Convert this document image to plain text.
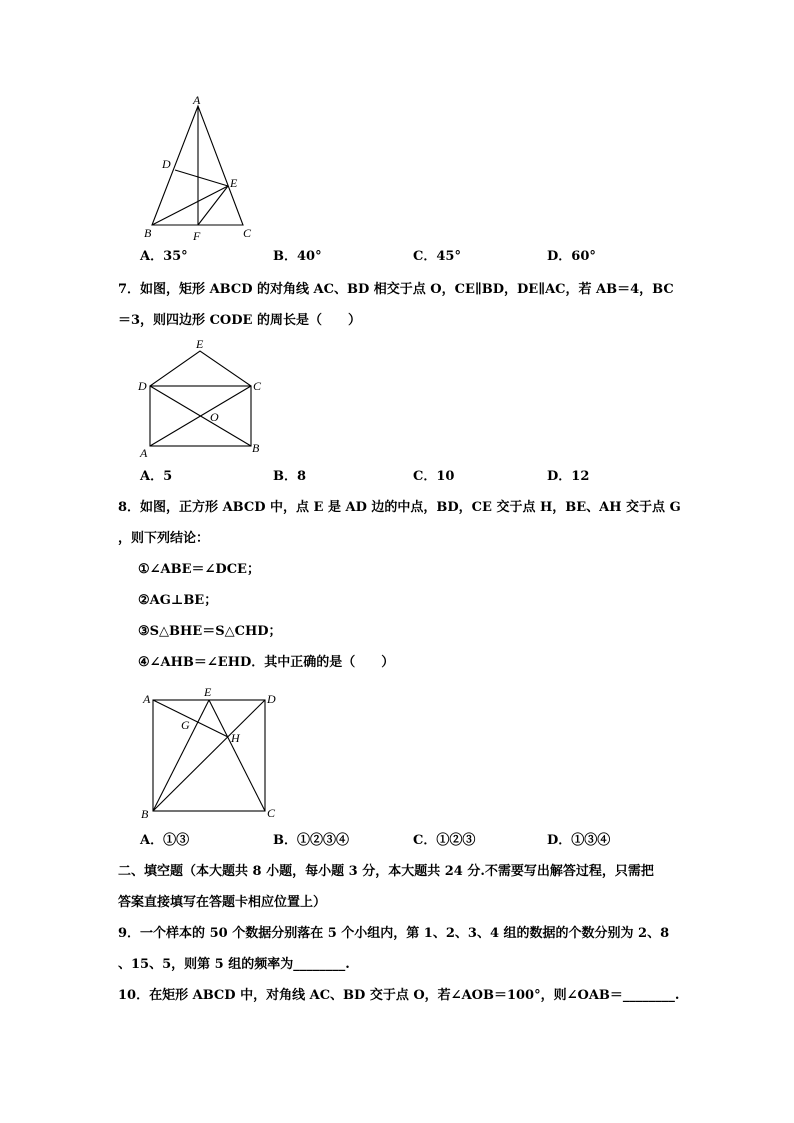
A
D
E
B	F	C
A．35°	B．40°	C．45°	D．60°
7．如图，矩形 ABCD 的对角线 AC、BD 相交于点 O，CE∥BD，DE∥AC，若 AB＝4，BC
＝3，则四边形 CODE 的周长是（　　）
E
D	C
O
A	B
A．5	B．8	C．10	D．12
8．如图，正方形 ABCD 中，点 E 是 AD 边的中点，BD，CE 交于点 H，BE、AH 交于点 G
，则下列结论：
①∠ABE＝∠DCE；
②AG⊥BE；
③S△BHE＝S△CHD；
④∠AHB＝∠EHD．其中正确的是（　　）
A	E	D
G
H
B	C
A．①③	B．①②③④	C．①②③	D．①③④
二、填空题（本大题共 8 小题，每小题 3 分，本大题共 24 分.不需要写出解答过程，只需把
答案直接填写在答题卡相应位置上）
9．一个样本的 50 个数据分别落在 5 个小组内，第 1、2、3、4 组的数据的个数分别为 2、8
、15、5，则第 5 组的频率为________.
10．在矩形 ABCD 中，对角线 AC、BD 交于点 O，若∠AOB＝100°，则∠OAB＝________.
